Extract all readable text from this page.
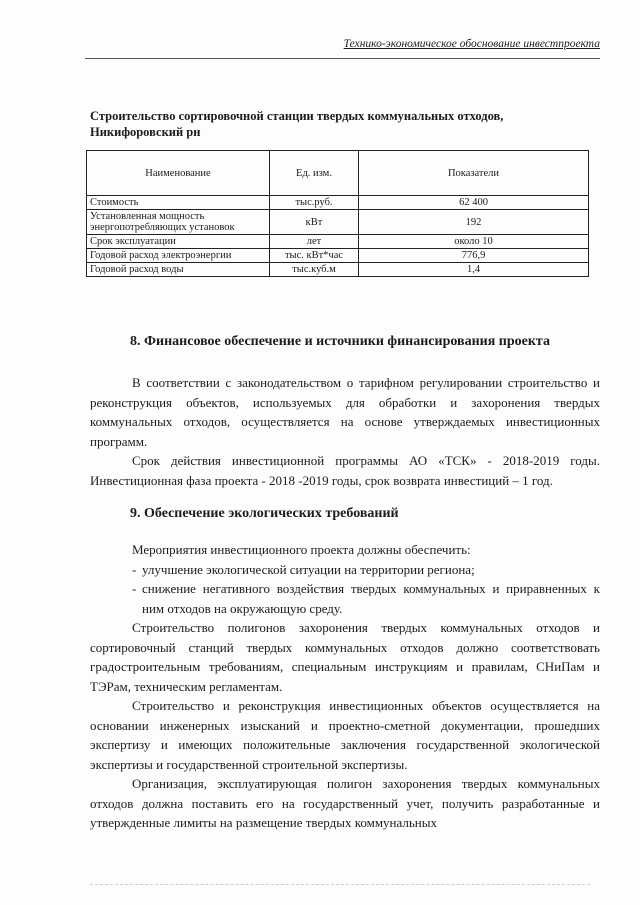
Технико-экономическое обоснование инвестпроекта
Строительство сортировочной станции твердых коммунальных отходов, Никифоровский рн
Наименование	Ед. изм.	Показатели
Стоимость	тыс.руб.	62 400
Установленная мощность энергопотребляющих установок	кВт	192
Срок эксплуатации	лет	около 10
Годовой расход электроэнергии	тыс. кВт*час	776,9
Годовой расход воды	тыс.куб.м	1,4
8. Финансовое обеспечение и источники финансирования проекта

В соответствии с законодательством о тарифном регулировании строительство и реконструкция объектов, используемых для обработки и захоронения твердых коммунальных отходов, осуществляется на основе утверждаемых инвестиционных программ.

Срок действия инвестиционной программы АО «ТСК» - 2018-2019 годы. Инвестиционная фаза проекта - 2018 -2019 годы, срок возврата инвестиций – 1 год.

9. Обеспечение экологических требований

Мероприятия инвестиционного проекта должны обеспечить:

- улучшение экологической ситуации на территории региона;
- снижение негативного воздействия твердых коммунальных и приравненных к ним отходов на окружающую среду.

Строительство полигонов захоронения твердых коммунальных отходов и сортировочный станций твердых коммунальных отходов должно соответствовать градостроительным требованиям, специальным инструкциям и правилам, СНиПам и ТЭРам, техническим регламентам.

Строительство и реконструкция инвестиционных объектов осуществляется на основании инженерных изысканий и проектно-сметной документации, прошедших экспертизу и имеющих положительные заключения государственной экологической экспертизы и государственной строительной экспертизы.

Организация, эксплуатирующая полигон захоронения твердых коммунальных отходов должна поставить его на государственный учет, получить разработанные и утвержденные лимиты на размещение твердых коммунальных
